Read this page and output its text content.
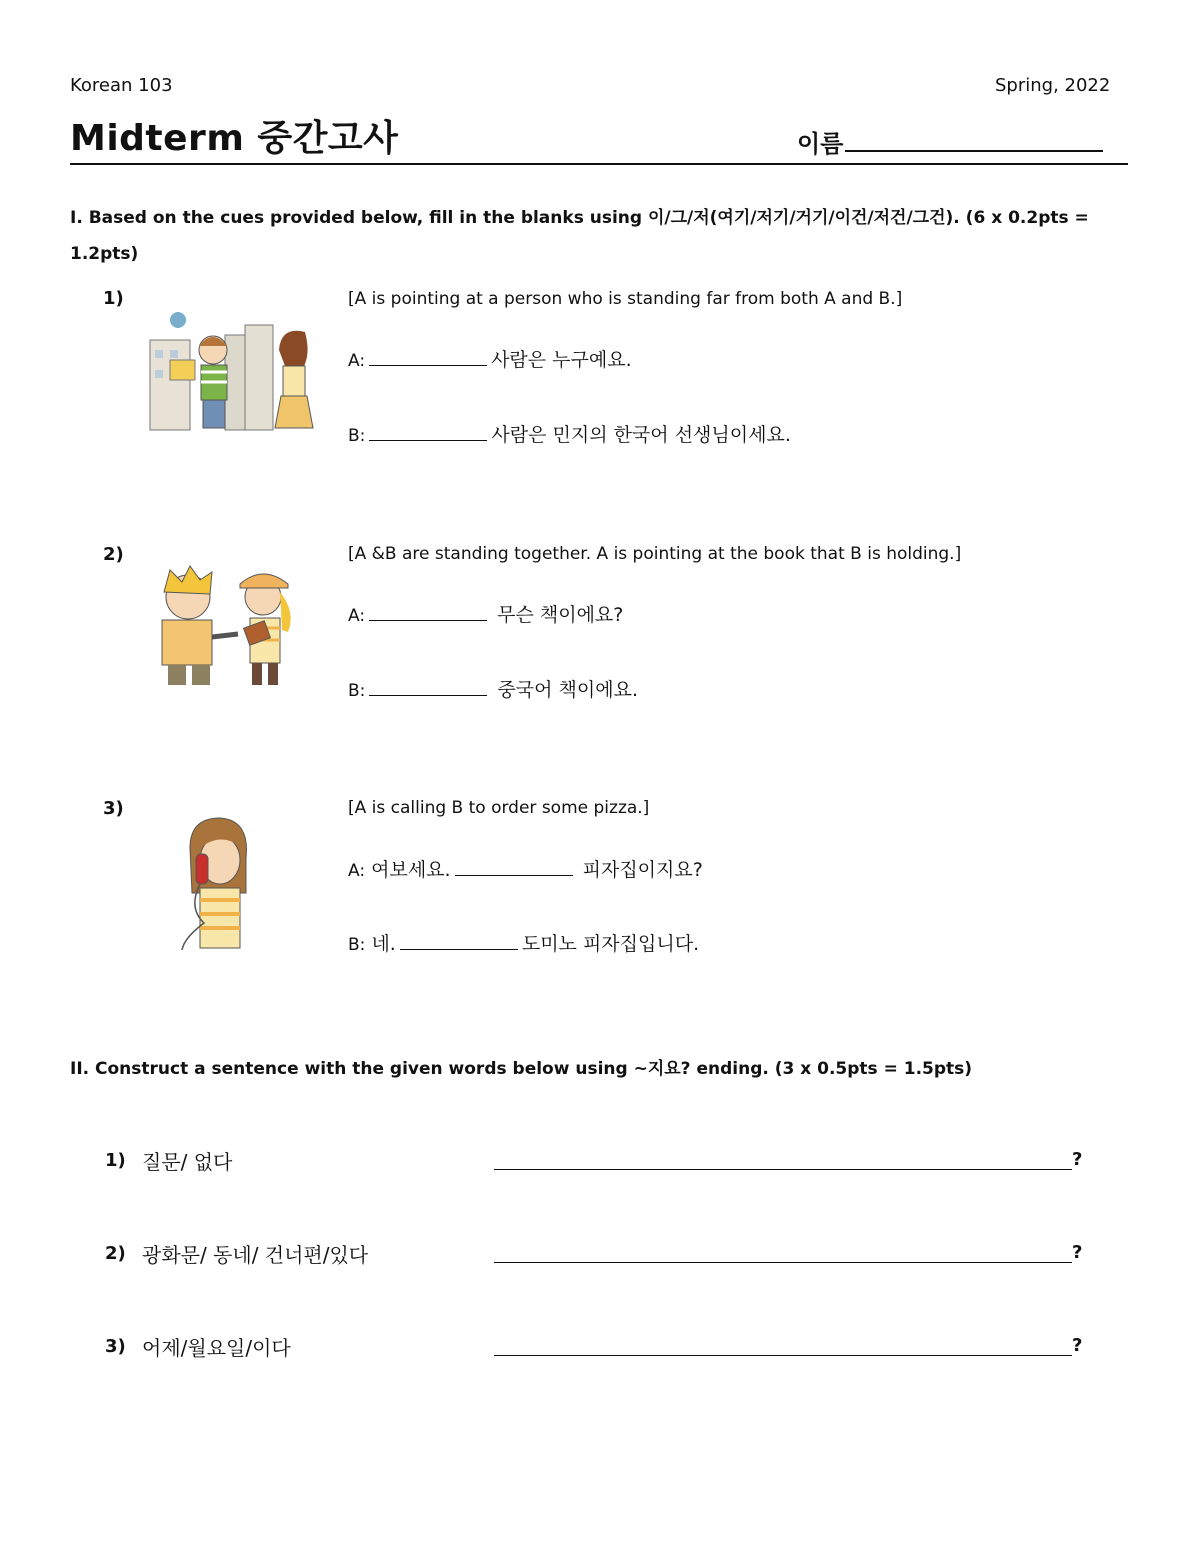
Korean 103	Spring, 2022
Midterm 중간고사	이름
I. Based on the cues provided below, fill in the blanks using 이/그/저(여기/저기/거기/이건/저건/그건). (6 x 0.2pts = 1.2pts)
1)	[A is pointing at a person who is standing far from both A and B.]
A:	사람은 누구예요.
B:	사람은 민지의 한국어 선생님이세요.
2)	[A &B are standing together. A is pointing at the book that B is holding.]
A:	무슨 책이에요?
B:	중국어 책이에요.
3)	[A is calling B to order some pizza.]
A: 여보세요.	피자집이지요?
B: 네.	도미노 피자집입니다.
II. Construct a sentence with the given words below using ~지요? ending. (3 x 0.5pts = 1.5pts)
1) 질문/ 없다	?
2) 광화문/ 동네/ 건너편/있다	?
3) 어제/월요일/이다	?
